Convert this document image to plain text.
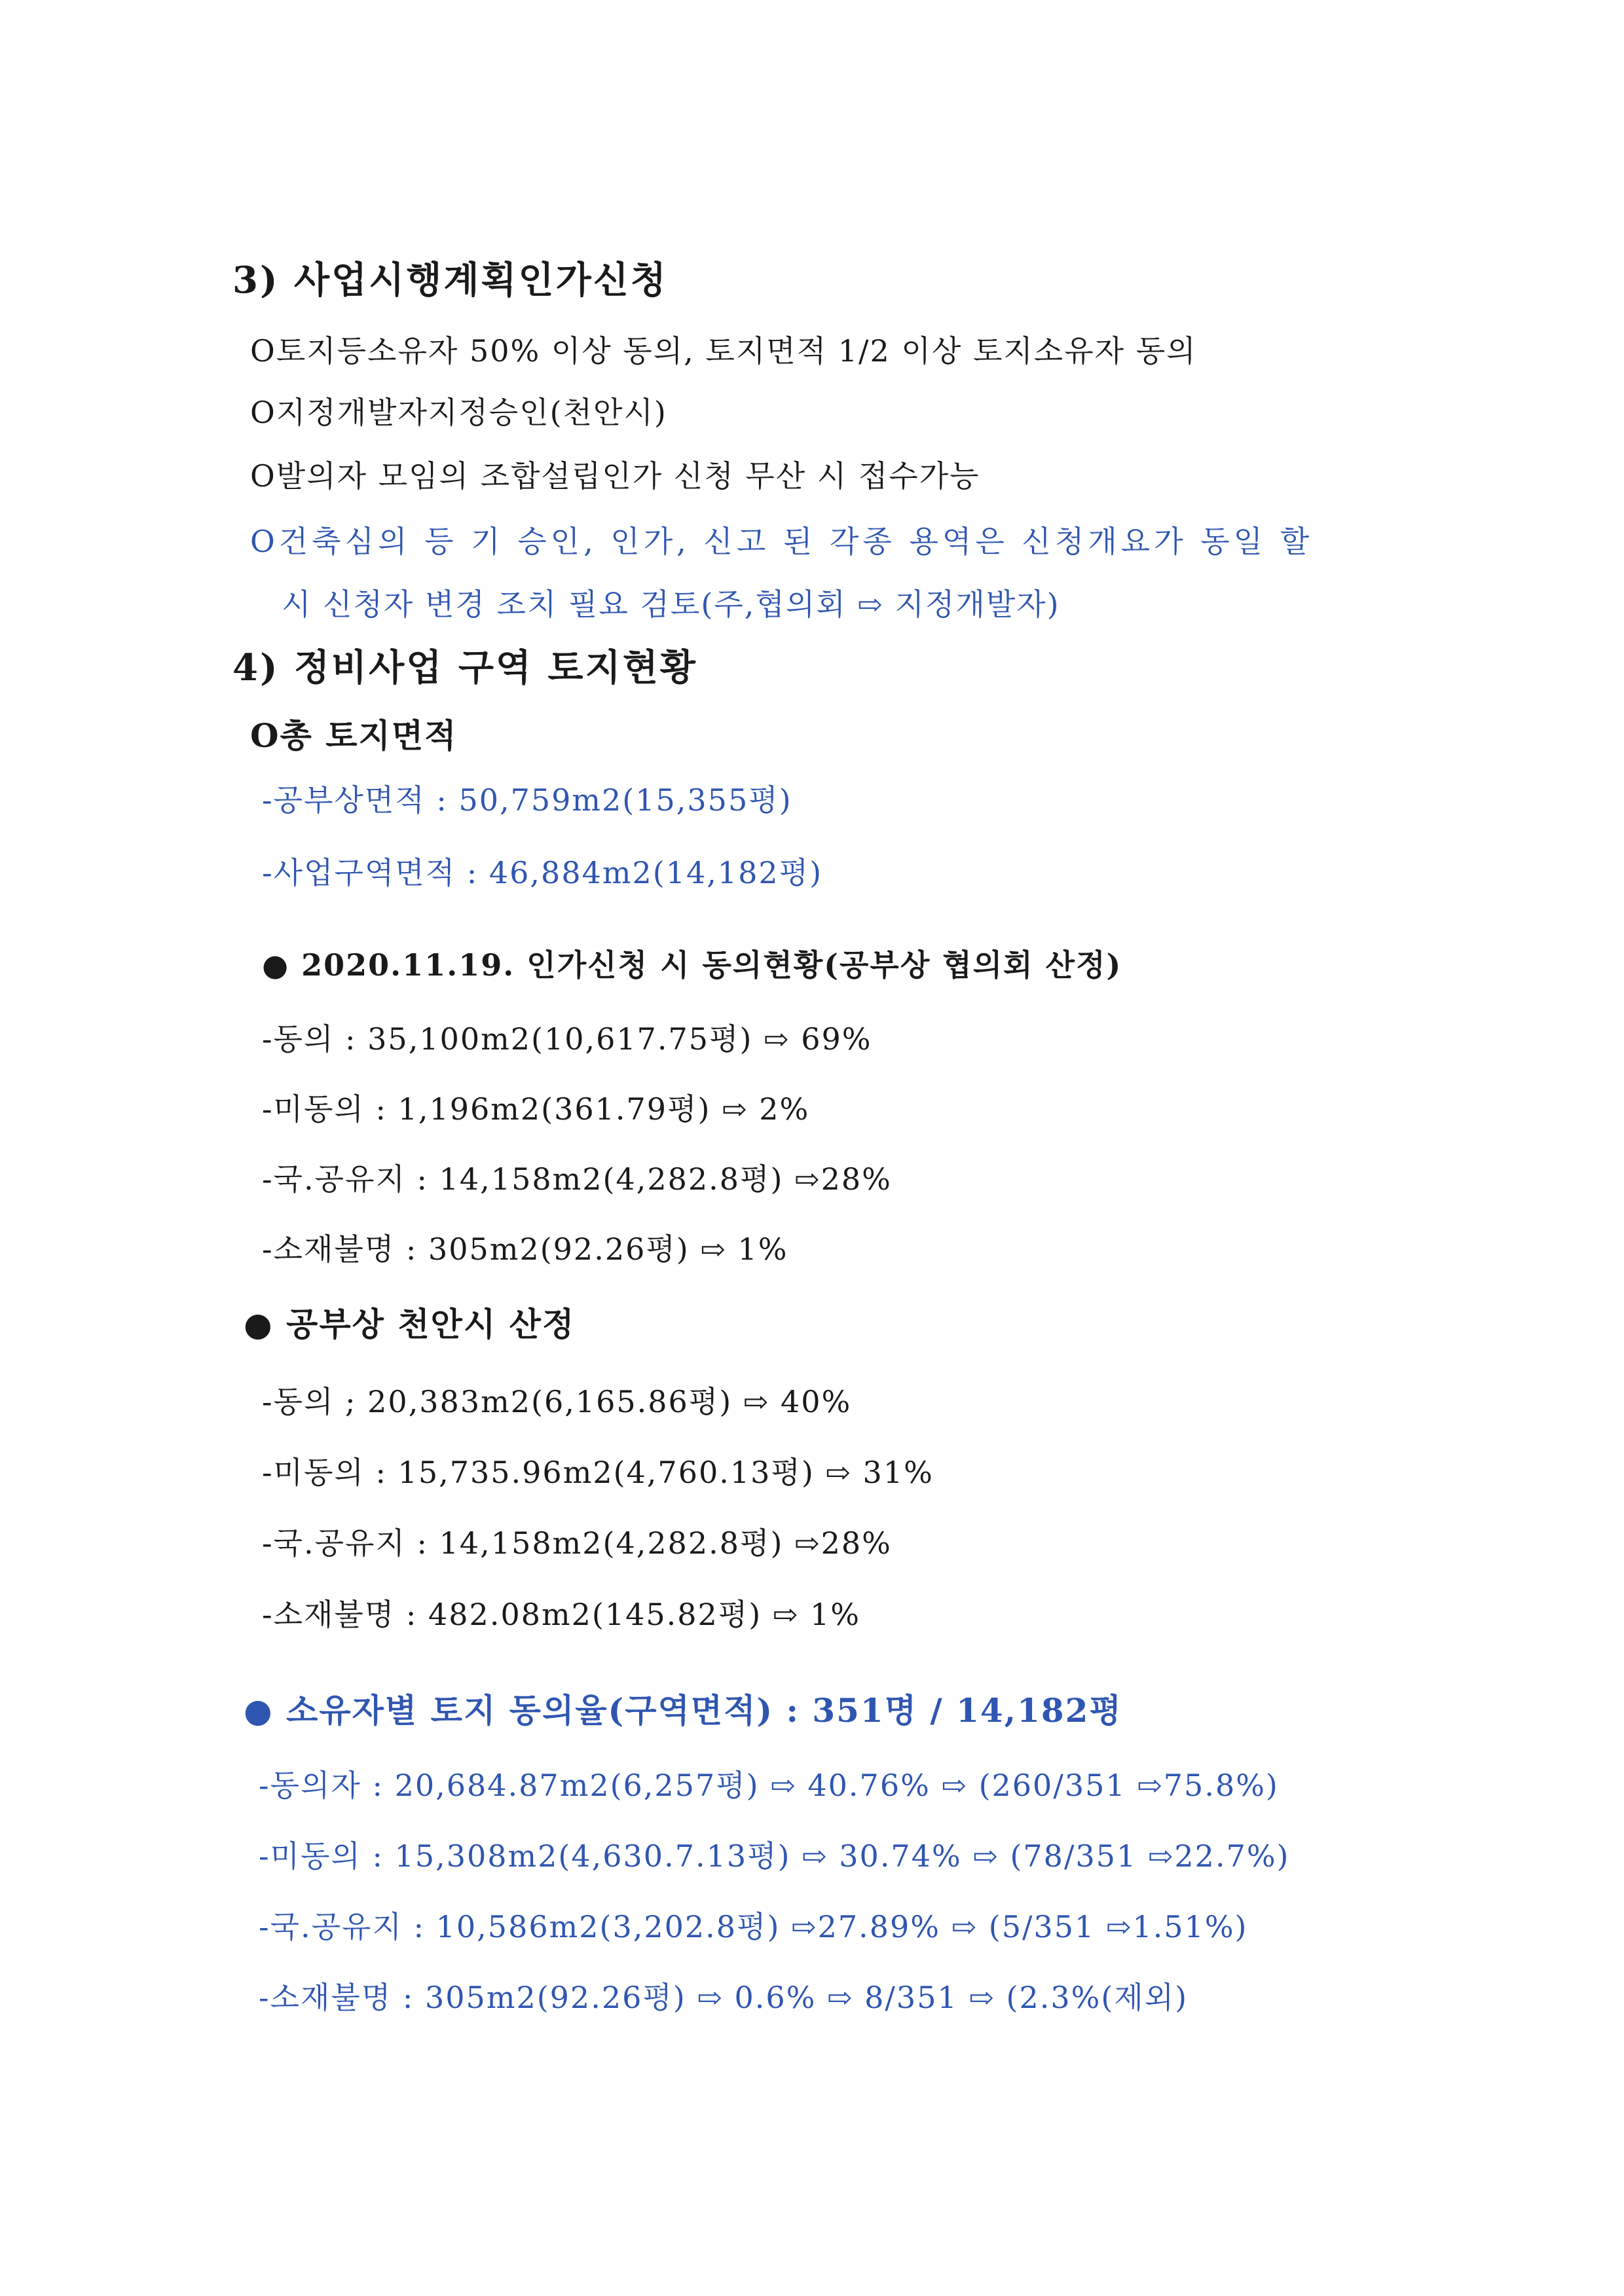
3) 사업시행계획인가신청
O토지등소유자 50% 이상 동의, 토지면적 1/2 이상 토지소유자 동의
O지정개발자지정승인(천안시)
O발의자 모임의 조합설립인가 신청 무산 시 접수가능
O건축심의 등 기 승인, 인가, 신고 된 각종 용역은 신청개요가 동일 할
시 신청자 변경 조치 필요 검토(주,협의회 ⇨ 지정개발자)
4) 정비사업 구역 토지현황
O총 토지면적
-공부상면적 : 50,759m2(15,355평)
-사업구역면적 : 46,884m2(14,182평)
● 2020.11.19. 인가신청 시 동의현황(공부상 협의회 산정)
-동의 : 35,100m2(10,617.75평) ⇨ 69%
-미동의 : 1,196m2(361.79평) ⇨ 2%
-국.공유지 : 14,158m2(4,282.8평) ⇨28%
-소재불명 : 305m2(92.26평) ⇨ 1%
● 공부상 천안시 산정
-동의 ; 20,383m2(6,165.86평) ⇨ 40%
-미동의 : 15,735.96m2(4,760.13평) ⇨ 31%
-국.공유지 : 14,158m2(4,282.8평) ⇨28%
-소재불명 : 482.08m2(145.82평) ⇨ 1%
● 소유자별 토지 동의율(구역면적) : 351명 / 14,182평
-동의자 : 20,684.87m2(6,257평) ⇨ 40.76% ⇨ (260/351 ⇨75.8%)
-미동의 : 15,308m2(4,630.7.13평) ⇨ 30.74% ⇨ (78/351 ⇨22.7%)
-국.공유지 : 10,586m2(3,202.8평) ⇨27.89% ⇨ (5/351 ⇨1.51%)
-소재불명 : 305m2(92.26평) ⇨ 0.6% ⇨ 8/351 ⇨ (2.3%(제외)
